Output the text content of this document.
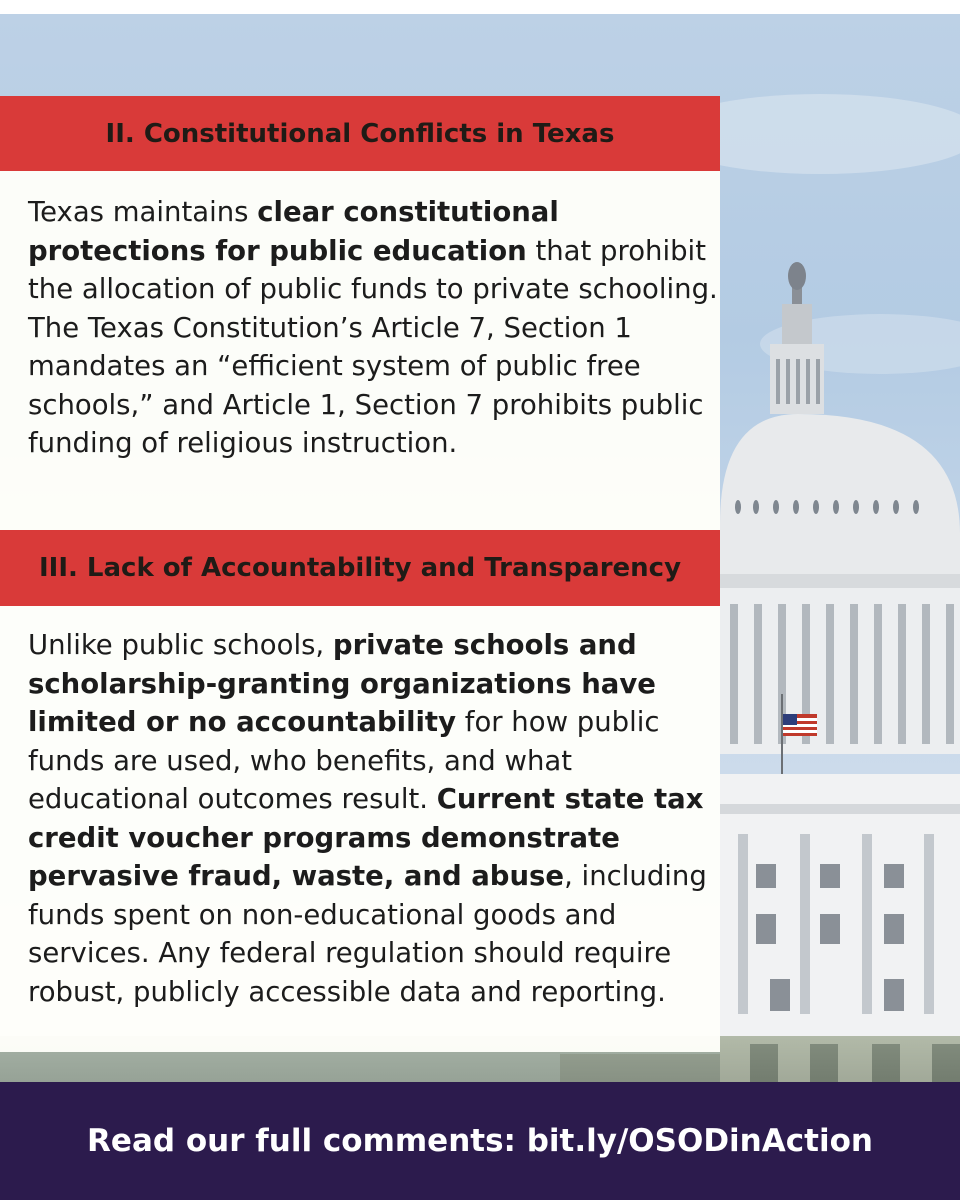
II. Constitutional Conflicts in Texas

Texas maintains clear constitutional protections for public education that prohibit the allocation of public funds to private schooling. The Texas Constitution’s Article 7, Section 1 mandates an “efficient system of public free schools,” and Article 1, Section 7 prohibits public funding of religious instruction.

III. Lack of Accountability and Transparency

Unlike public schools, private schools and scholarship-granting organizations have limited or no accountability for how public funds are used, who benefits, and what educational outcomes result. Current state tax credit voucher programs demonstrate pervasive fraud, waste, and abuse, including funds spent on non-educational goods and services. Any federal regulation should require robust, publicly accessible data and reporting.

Read our full comments: bit.ly/OSODinAction
